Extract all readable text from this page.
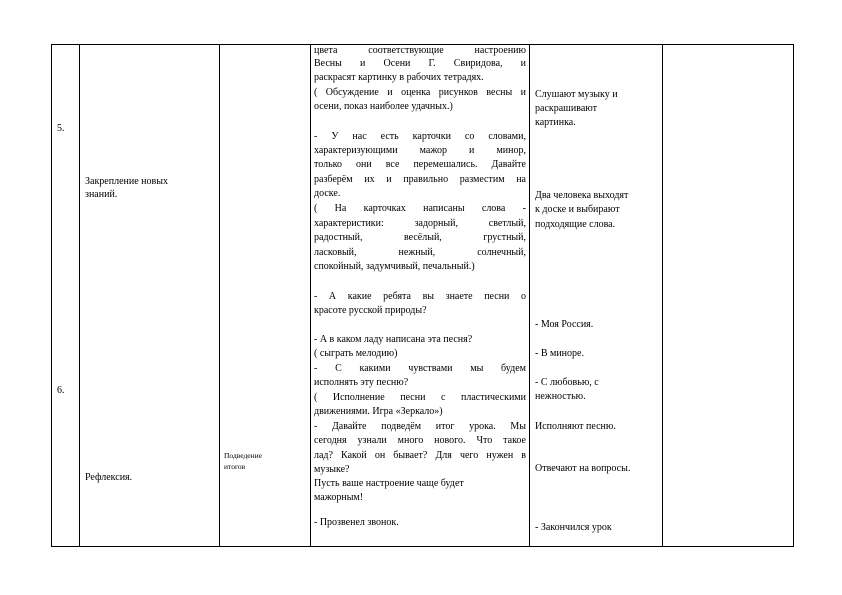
5.

6.

Закрепление новых

знаний.

Рефлексия.

Подведение

итогов

цвета соответствующие настроению

Весны и Осени Г. Свиридова, и

раскрасят картинку в рабочих тетрадях.

( Обсуждение и оценка рисунков весны и

осени, показ наиболее удачных.)

- У нас есть карточки со словами,

характеризующими мажор и минор,

только они все перемешались. Давайте

разберём их и правильно разместим на

доске.

( На карточках написаны слова -

характеристики: задорный, светлый,

радостный, весёлый, грустный,

ласковый, нежный, солнечный,

спокойный, задумчивый, печальный.)

- А какие ребята вы знаете песни о

красоте русской природы?

- А в каком ладу написана эта песня?

( сыграть мелодию)

- С какими чувствами мы будем

исполнять эту песню?

( Исполнение песни с пластическими

движениями. Игра «Зеркало»)

- Давайте подведём итог урока. Мы

сегодня узнали много нового. Что такое

лад? Какой он бывает? Для чего нужен в

музыке?

Пусть ваше настроение чаще будет

мажорным!

- Прозвенел звонок.

Слушают музыку и

раскрашивают

картинка.

Два человека выходят

к доске и выбирают

подходящие слова.

- Моя Россия.

- В миноре.

- С любовью, с

нежностью.

Исполняют песню.

Отвечают на вопросы.

- Закончился урок
